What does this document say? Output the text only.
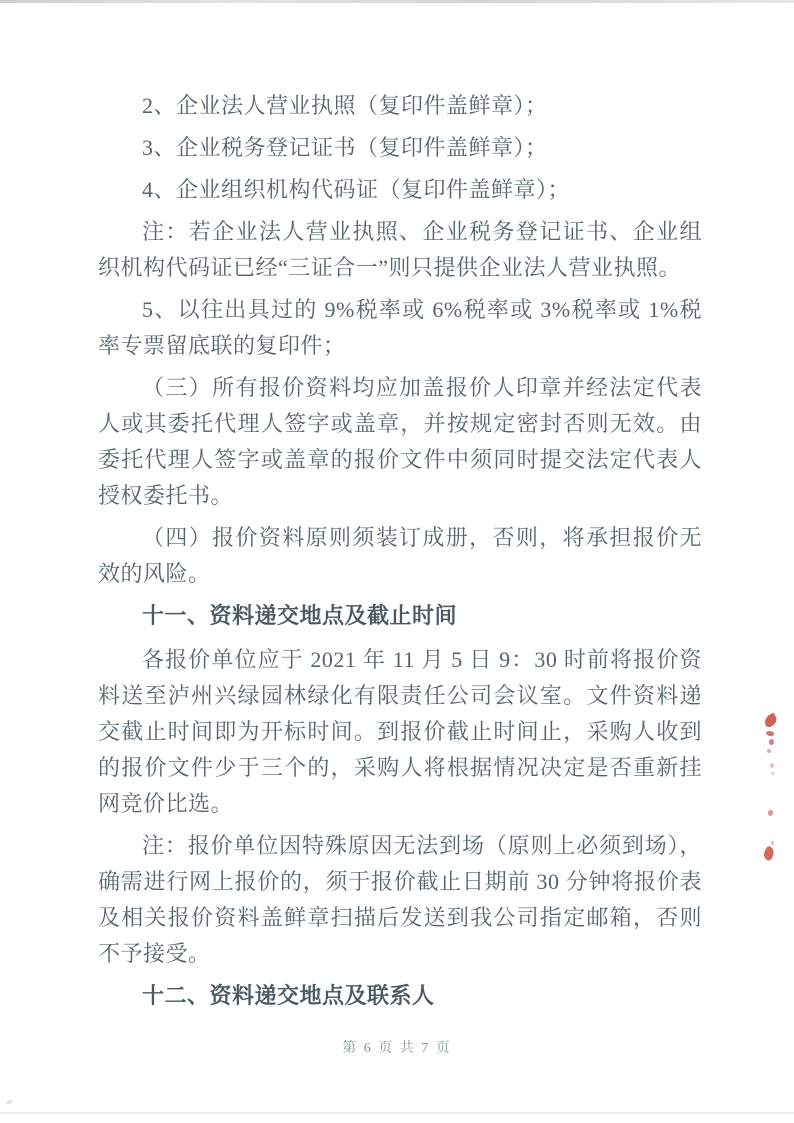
2、企业法人营业执照（复印件盖鲜章）；

3、企业税务登记证书（复印件盖鲜章）；

4、企业组织机构代码证（复印件盖鲜章）；

注：若企业法人营业执照、企业税务登记证书、企业组织机构代码证已经“三证合一”则只提供企业法人营业执照。

5、以往出具过的 9%税率或 6%税率或 3%税率或 1%税率专票留底联的复印件；

（三）所有报价资料均应加盖报价人印章并经法定代表人或其委托代理人签字或盖章，并按规定密封否则无效。由委托代理人签字或盖章的报价文件中须同时提交法定代表人授权委托书。

（四）报价资料原则须装订成册，否则，将承担报价无效的风险。

十一、资料递交地点及截止时间

各报价单位应于 2021 年 11 月 5 日 9：30 时前将报价资料送至泸州兴绿园林绿化有限责任公司会议室。文件资料递交截止时间即为开标时间。到报价截止时间止，采购人收到的报价文件少于三个的，采购人将根据情况决定是否重新挂网竞价比选。

注：报价单位因特殊原因无法到场（原则上必须到场），确需进行网上报价的，须于报价截止日期前 30 分钟将报价表及相关报价资料盖鲜章扫描后发送到我公司指定邮箱，否则不予接受。

十二、资料递交地点及联系人

第 6 页 共 7 页
